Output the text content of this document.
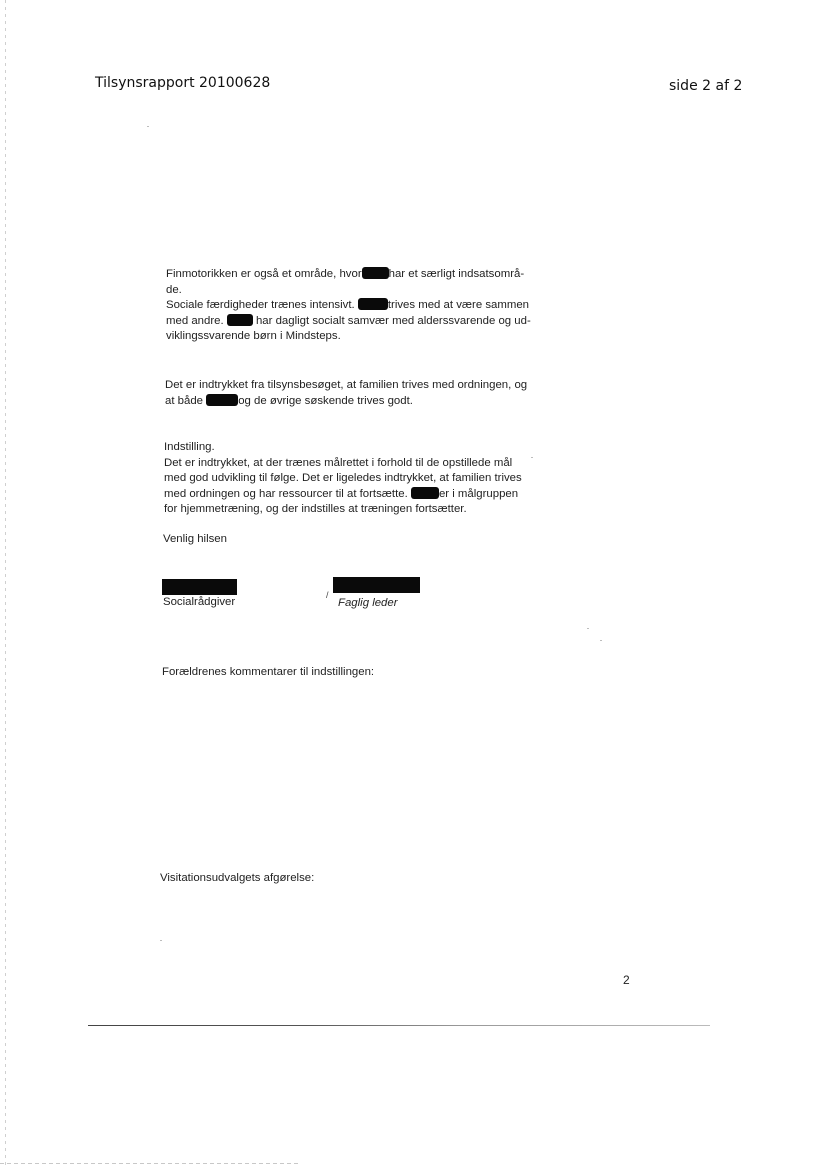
Tilsynsrapport 20100628	side 2 af 2
Finmotorikken er også et område, hvor har et særligt indsatsområ-
de.
Sociale færdigheder trænes intensivt.	trives med at være sammen
med andre.	har dagligt socialt samvær med alderssvarende og ud-
viklingssvarende børn i Mindsteps.
Det er indtrykket fra tilsynsbesøget, at familien trives med ordningen, og
at både	og de øvrige søskende trives godt.
Indstilling.
Det er indtrykket, at der trænes målrettet i forhold til de opstillede mål
med god udvikling til følge. Det er ligeledes indtrykket, at familien trives
med ordningen og har ressourcer til at fortsætte.	er i målgruppen
for hjemmetræning, og der indstilles at træningen fortsætter.
Venlig hilsen
/
Socialrådgiver	Faglig leder
Forældrenes kommentarer til indstillingen:
Visitationsudvalgets afgørelse:
2
